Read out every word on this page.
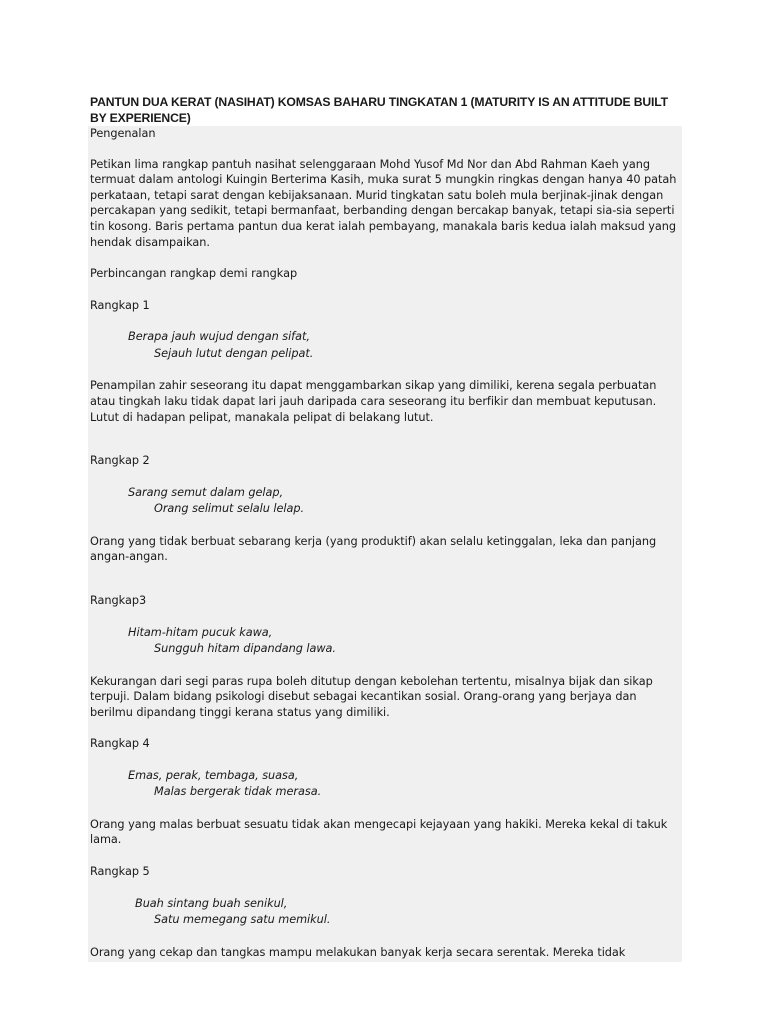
PANTUN DUA KERAT (NASIHAT) KOMSAS BAHARU TINGKATAN 1 (MATURITY IS AN ATTITUDE BUILT BY EXPERIENCE)

Pengenalan

Petikan lima rangkap pantuh nasihat selenggaraan Mohd Yusof Md Nor dan Abd Rahman Kaeh yang termuat dalam antologi Kuingin Berterima Kasih, muka surat 5 mungkin ringkas dengan hanya 40 patah perkataan, tetapi sarat dengan kebijaksanaan. Murid tingkatan satu boleh mula berjinak-jinak dengan percakapan yang sedikit, tetapi bermanfaat, berbanding dengan bercakap banyak, tetapi sia-sia seperti tin kosong. Baris pertama pantun dua kerat ialah pembayang, manakala baris kedua ialah maksud yang hendak disampaikan.

Perbincangan rangkap demi rangkap

Rangkap 1

Berapa jauh wujud dengan sifat,
Sejauh lutut dengan pelipat.

Penampilan zahir seseorang itu dapat menggambarkan sikap yang dimiliki, kerena segala perbuatan atau tingkah laku tidak dapat lari jauh daripada cara seseorang itu berfikir dan membuat keputusan. Lutut di hadapan pelipat, manakala pelipat di belakang lutut.

Rangkap 2

Sarang semut dalam gelap,
Orang selimut selalu lelap.

Orang yang tidak berbuat sebarang kerja (yang produktif) akan selalu ketinggalan, leka dan panjang angan-angan.

Rangkap3

Hitam-hitam pucuk kawa,
Sungguh hitam dipandang lawa.

Kekurangan dari segi paras rupa boleh ditutup dengan kebolehan tertentu, misalnya bijak dan sikap terpuji. Dalam bidang psikologi disebut sebagai kecantikan sosial. Orang-orang yang berjaya dan berilmu dipandang tinggi kerana status yang dimiliki.

Rangkap 4

Emas, perak, tembaga, suasa,
Malas bergerak tidak merasa.

Orang yang malas berbuat sesuatu tidak akan mengecapi kejayaan yang hakiki. Mereka kekal di takuk lama.

Rangkap 5

Buah sintang buah senikul,
Satu memegang satu memikul.

Orang yang cekap dan tangkas mampu melakukan banyak kerja secara serentak. Mereka tidak
